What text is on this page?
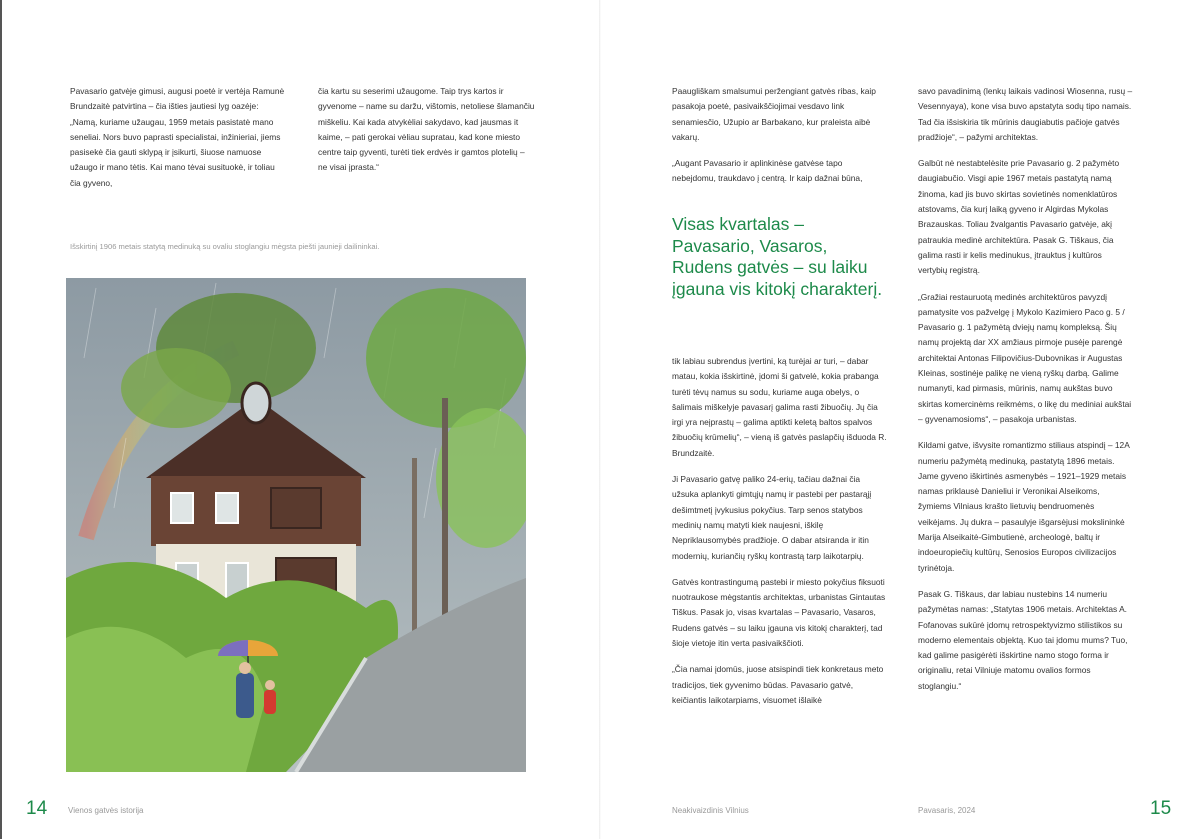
Pavasario gatvėje gimusi, augusi poetė ir vertėja Ramunė Brundzaitė patvirtina – čia išties jautiesi lyg oazėje: „Namą, kuriame užaugau, 1959 metais pasistatė mano seneliai. Nors buvo paprasti specialistai, inžinieriai, jiems pasisekė čia gauti sklypą ir įsikurti, šiuose namuose užaugo ir mano tėtis. Kai mano tėvai susituokė, ir toliau čia gyveno,

čia kartu su seserimi užaugome. Taip trys kartos ir gyvenome – name su daržu, vištomis, netoliese šlamančiu miškeliu. Kai kada atvykėliai sakydavo, kad jausmas it kaime, – pati gerokai vėliau supratau, kad kone miesto centre taip gyventi, turėti tiek erdvės ir gamtos plotelių – ne visai įprasta.“

Išskirtinį 1906 metais statytą medinuką su ovaliu stoglangiu mėgsta piešti jaunieji dailininkai.
14	Vienos gatvės istorija

Paaugliškam smalsumui peržengiant gatvės ribas, kaip pasakoja poetė, pasivaikščiojimai vesdavo link senamiesčio, Užupio ar Barbakano, kur praleista aibė vakarų.

„Augant Pavasario ir aplinkinėse gatvėse tapo nebejdomu, traukdavo į centrą. Ir kaip dažnai būna,

Visas kvartalas – Pavasario, Vasaros, Rudens gatvės – su laiku įgauna vis kitokį charakterį.

tik labiau subrendus įvertini, ką turėjai ar turi, – dabar matau, kokia išskirtinė, įdomi ši gatvelė, kokia prabanga turėti tėvų namus su sodu, kuriame auga obelys, o šalimais miškelyje pavasarį galima rasti žibuočių. Jų čia irgi yra neįprastų – galima aptikti keletą baltos spalvos žibuočių krūmelių“, – vieną iš gatvės paslapčių išduoda R. Brundzaitė.

Ji Pavasario gatvę paliko 24-erių, tačiau dažnai čia užsuka aplankyti gimtųjų namų ir pastebi per pastarąjį dešimtmetį įvykusius pokyčius. Tarp senos statybos medinių namų matyti kiek naujesni, iškilę Nepriklausomybės pradžioje. O dabar atsiranda ir itin modernių, kuriančių ryškų kontrastą tarp laikotarpių.

Gatvės kontrastingumą pastebi ir miesto pokyčius fiksuoti nuotraukose mėgstantis architektas, urbanistas Gintautas Tiškus. Pasak jo, visas kvartalas – Pavasario, Vasaros, Rudens gatvės – su laiku įgauna vis kitokį charakterį, tad šioje vietoje itin verta pasivaikščioti.

„Čia namai įdomūs, juose atsispindi tiek konkretaus meto tradicijos, tiek gyvenimo būdas. Pavasario gatvė, keičiantis laikotarpiams, visuomet išlaikė

savo pavadinimą (lenkų laikais vadinosi Wiosenna, rusų – Vesennyaya), kone visa buvo apstatyta sodų tipo namais. Tad čia išsiskiria tik mūrinis daugiabutis pačioje gatvės pradžioje“, – pažymi architektas.

Galbūt nė nestabtelėsite prie Pavasario g. 2 pažymėto daugiabučio. Visgi apie 1967 metais pastatytą namą žinoma, kad jis buvo skirtas sovietinės nomenklatūros atstovams, čia kurį laiką gyveno ir Algirdas Mykolas Brazauskas. Toliau žvalgantis Pavasario gatvėje, akį patraukia medinė architektūra. Pasak G. Tiškaus, čia galima rasti ir kelis medinukus, įtrauktus į kultūros vertybių registrą.

„Gražiai restauruotą medinės architektūros pavyzdį pamatysite vos pažvelgę į Mykolo Kazimiero Paco g. 5 / Pavasario g. 1 pažymėtą dviejų namų kompleksą. Šių namų projektą dar XX amžiaus pirmoje pusėje parengė architektai Antonas Filipovičius-Dubovnikas ir Augustas Kleinas, sostinėje palikę ne vieną ryškų darbą. Galime numanyti, kad pirmasis, mūrinis, namų aukštas buvo skirtas komercinėms reikmėms, o likę du mediniai aukštai – gyvenamosioms“, – pasakoja urbanistas.

Kildami gatve, išvysite romantizmo stiliaus atspindį – 12A numeriu pažymėtą medinuką, pastatytą 1896 metais. Jame gyveno iškirtinės asmenybės – 1921–1929 metais namas priklausė Danieliui ir Veronikai Alseikoms, žymiems Vilniaus krašto lietuvių bendruomenės veikėjams. Jų dukra – pasaulyje išgarsėjusi mokslininkė Marija Alseikaitė-Gimbutienė, archeologė, baltų ir indoeuropiečių kultūrų, Senosios Europos civilizacijos tyrinėtoja.

Pasak G. Tiškaus, dar labiau nustebins 14 numeriu pažymėtas namas: „Statytas 1906 metais. Architektas A. Fofanovas sukūrė įdomų retrospektyvizmo stilistikos su moderno elementais objektą. Kuo tai įdomu mums? Tuo, kad galime pasigėrėti išskirtine namo stogo forma ir originaliu, retai Vilniuje matomu ovalios formos stoglangiu.“

Neakivaizdinis Vilnius	Pavasaris, 2024	15
